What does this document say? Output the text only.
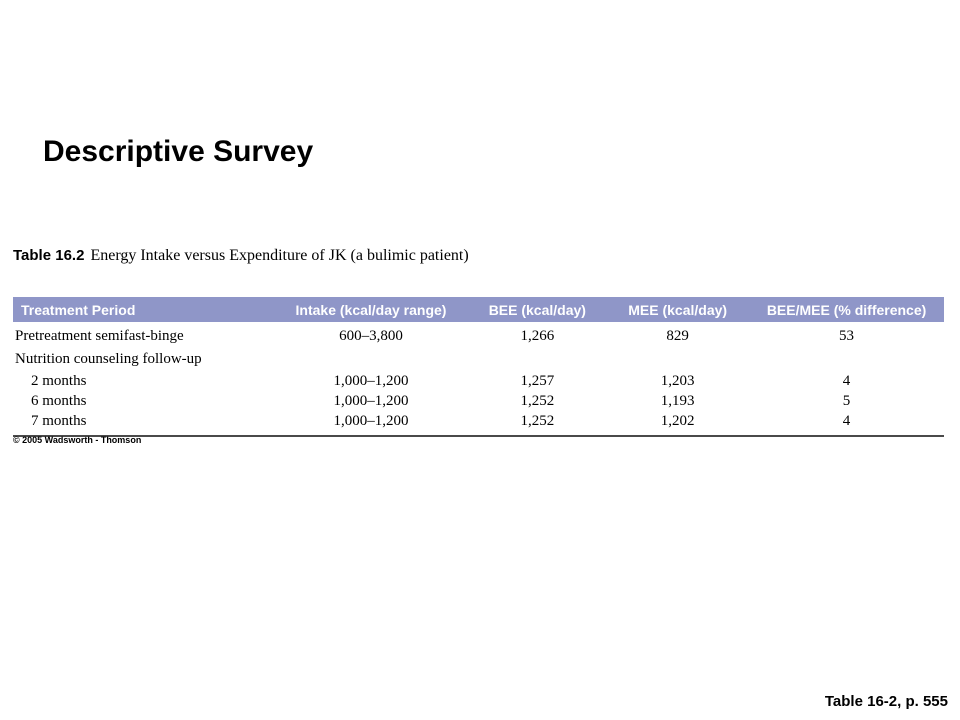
Descriptive Survey
Table 16.2 Energy Intake versus Expenditure of JK (a bulimic patient)
Treatment Period	Intake (kcal/day range)	BEE (kcal/day)	MEE (kcal/day)	BEE/MEE (% difference)
Pretreatment semifast-binge	600–3,800	1,266	829	53
Nutrition counseling follow-up				
2 months	1,000–1,200	1,257	1,203	4
6 months	1,000–1,200	1,252	1,193	5
7 months	1,000–1,200	1,252	1,202	4
© 2005 Wadsworth - Thomson
Table 16-2, p. 555
